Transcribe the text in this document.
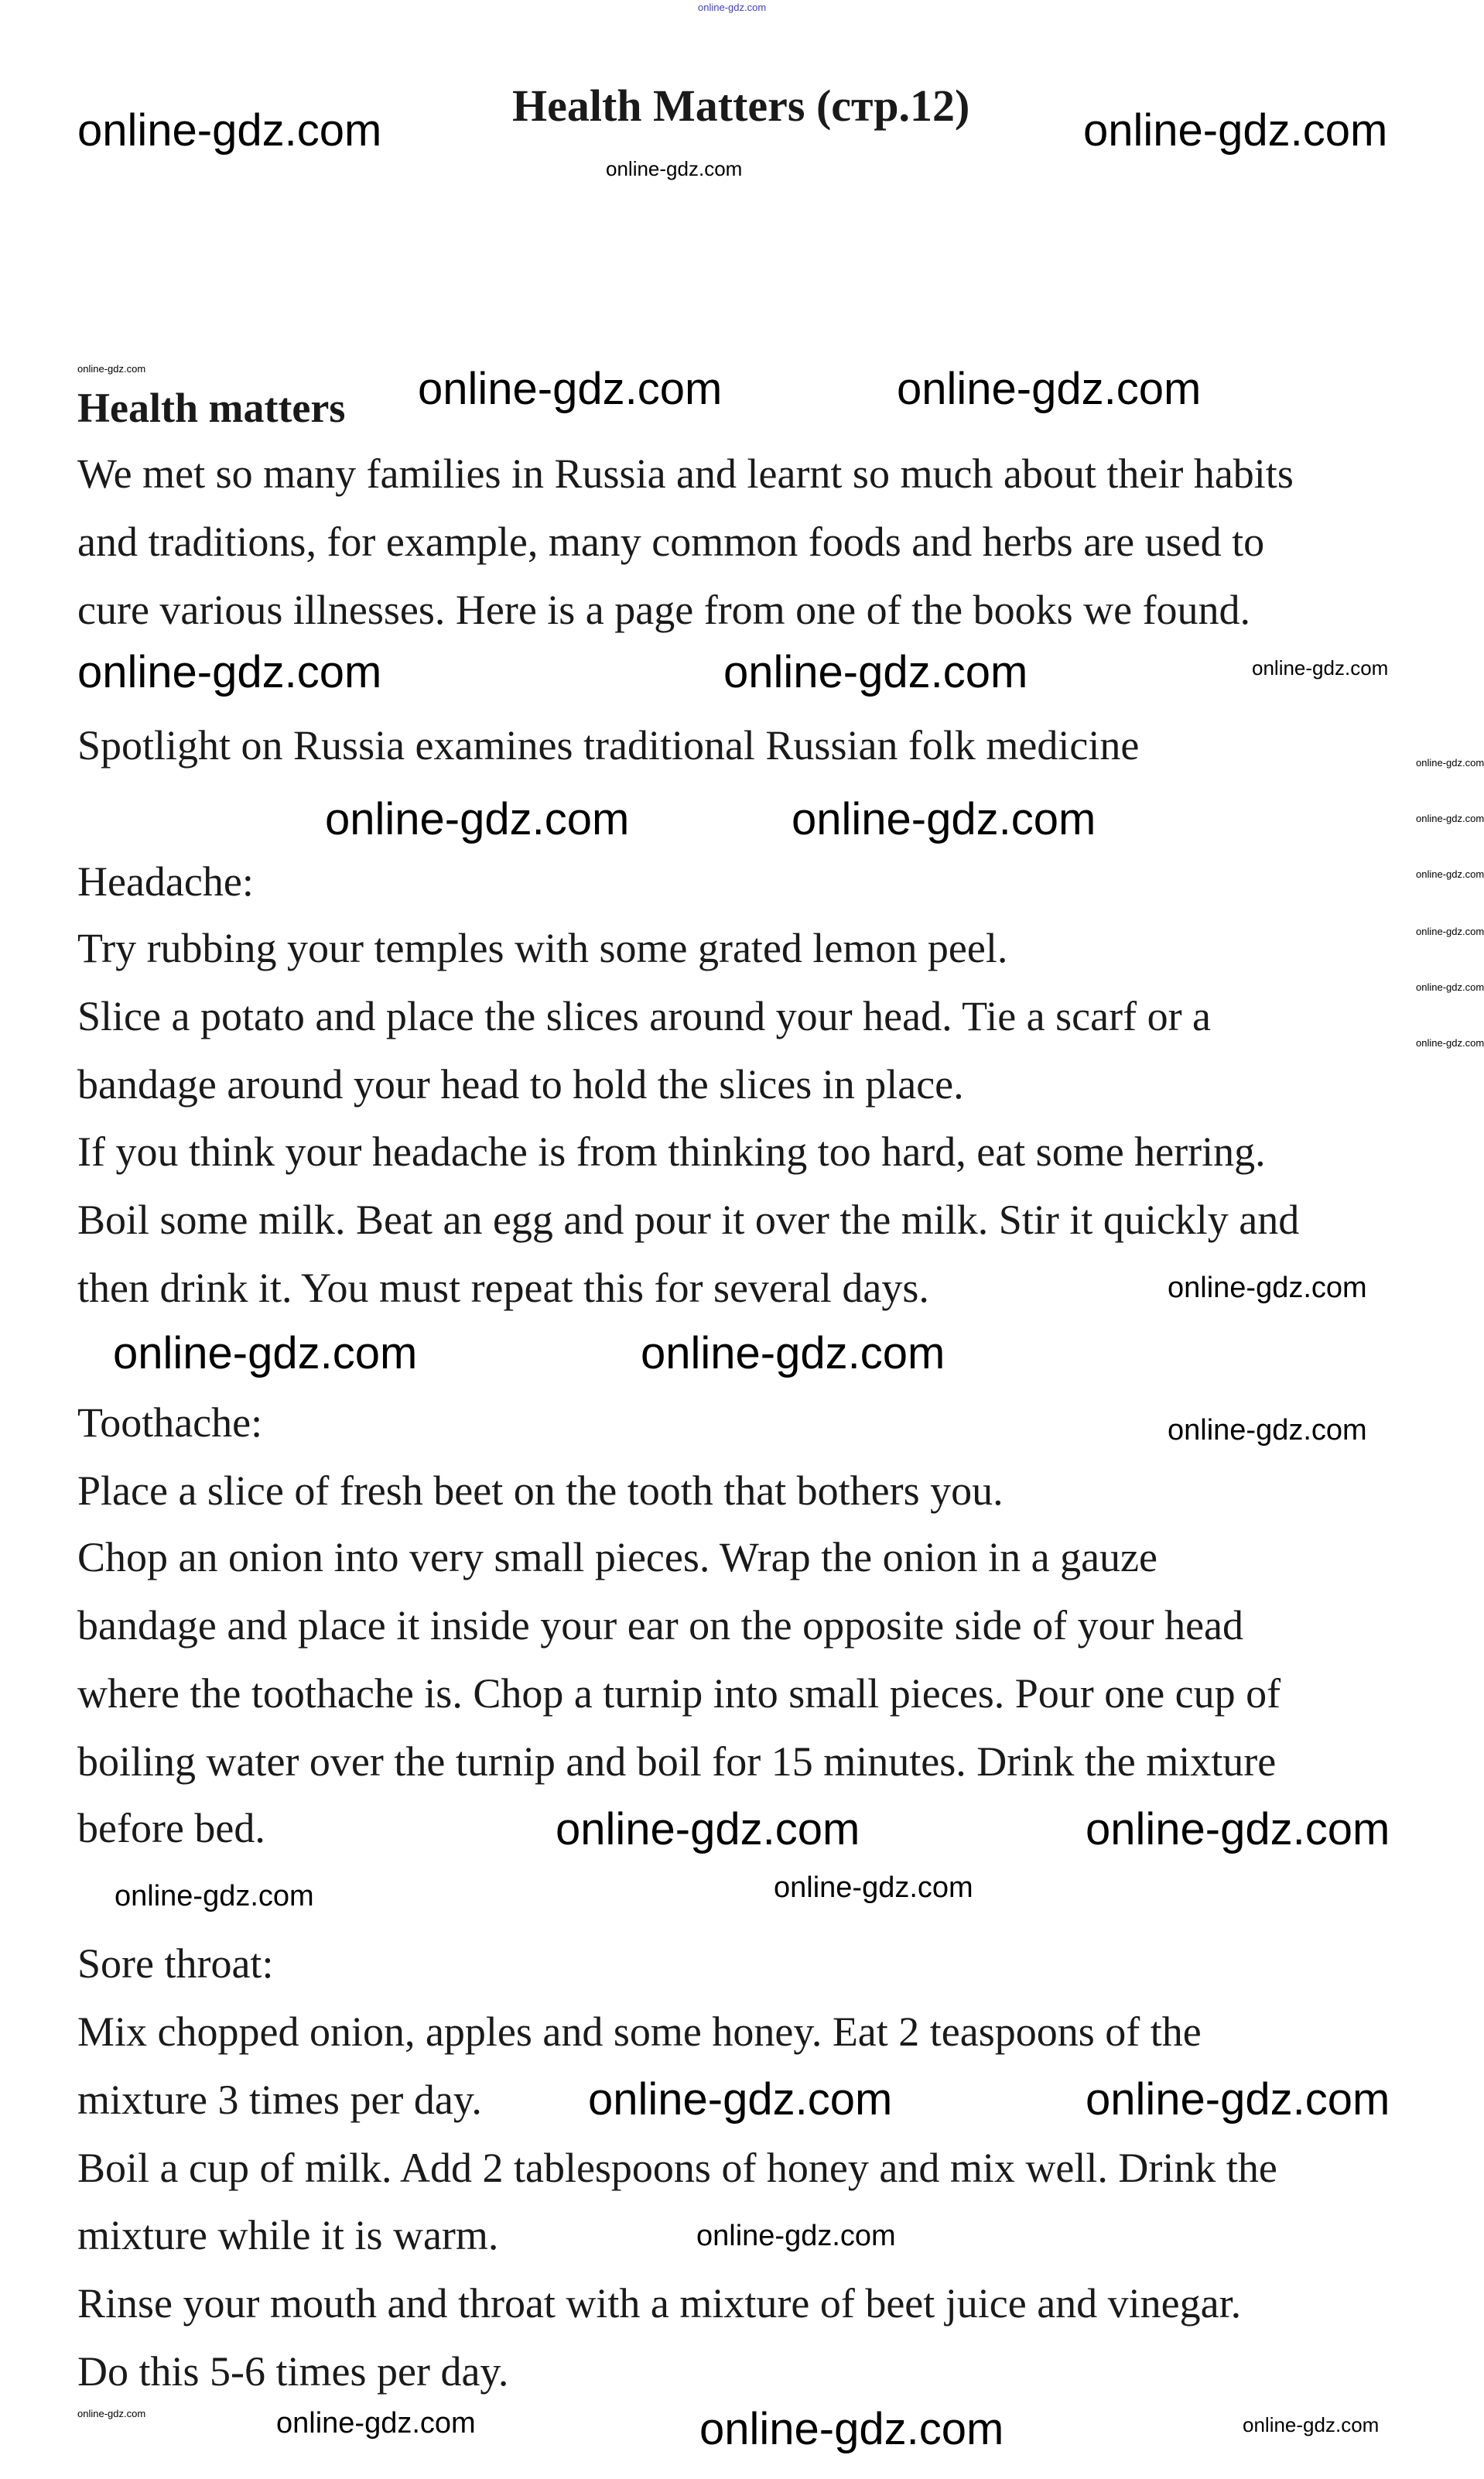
Health Matters (стр.12)
Health matters
We met so many families in Russia and learnt so much about their habits
and traditions, for example, many common foods and herbs are used to
cure various illnesses. Here is a page from one of the books we found.
Spotlight on Russia examines traditional Russian folk medicine
Headache:
Try rubbing your temples with some grated lemon peel.
Slice a potato and place the slices around your head. Tie a scarf or a
bandage around your head to hold the slices in place.
If you think your headache is from thinking too hard, eat some herring.
Boil some milk. Beat an egg and pour it over the milk. Stir it quickly and
then drink it. You must repeat this for several days.
Toothache:
Place a slice of fresh beet on the tooth that bothers you.
Chop an onion into very small pieces. Wrap the onion in a gauze
bandage and place it inside your ear on the opposite side of your head
where the toothache is. Chop a turnip into small pieces. Pour one cup of
boiling water over the turnip and boil for 15 minutes. Drink the mixture
before bed.
Sore throat:
Mix chopped onion, apples and some honey. Eat 2 teaspoons of the
mixture 3 times per day.
Boil a cup of milk. Add 2 tablespoons of honey and mix well. Drink the
mixture while it is warm.
Rinse your mouth and throat with a mixture of beet juice and vinegar.
Do this 5-6 times per day.
online-gdz.com
online-gdz.com	online-gdz.com
online-gdz.com
online-gdz.com	online-gdz.com	online-gdz.com
online-gdz.com	online-gdz.com	online-gdz.com
online-gdz.com
online-gdz.com
online-gdz.com
online-gdz.com
online-gdz.com
online-gdz.com
online-gdz.com	online-gdz.com
online-gdz.com
online-gdz.com
online-gdz.com
online-gdz.com
online-gdz.com
online-gdz.com
online-gdz.com
online-gdz.com
online-gdz.com	online-gdz.com
online-gdz.com
online-gdz.com	online-gdz.com	online-gdz.com	online-gdz.com
